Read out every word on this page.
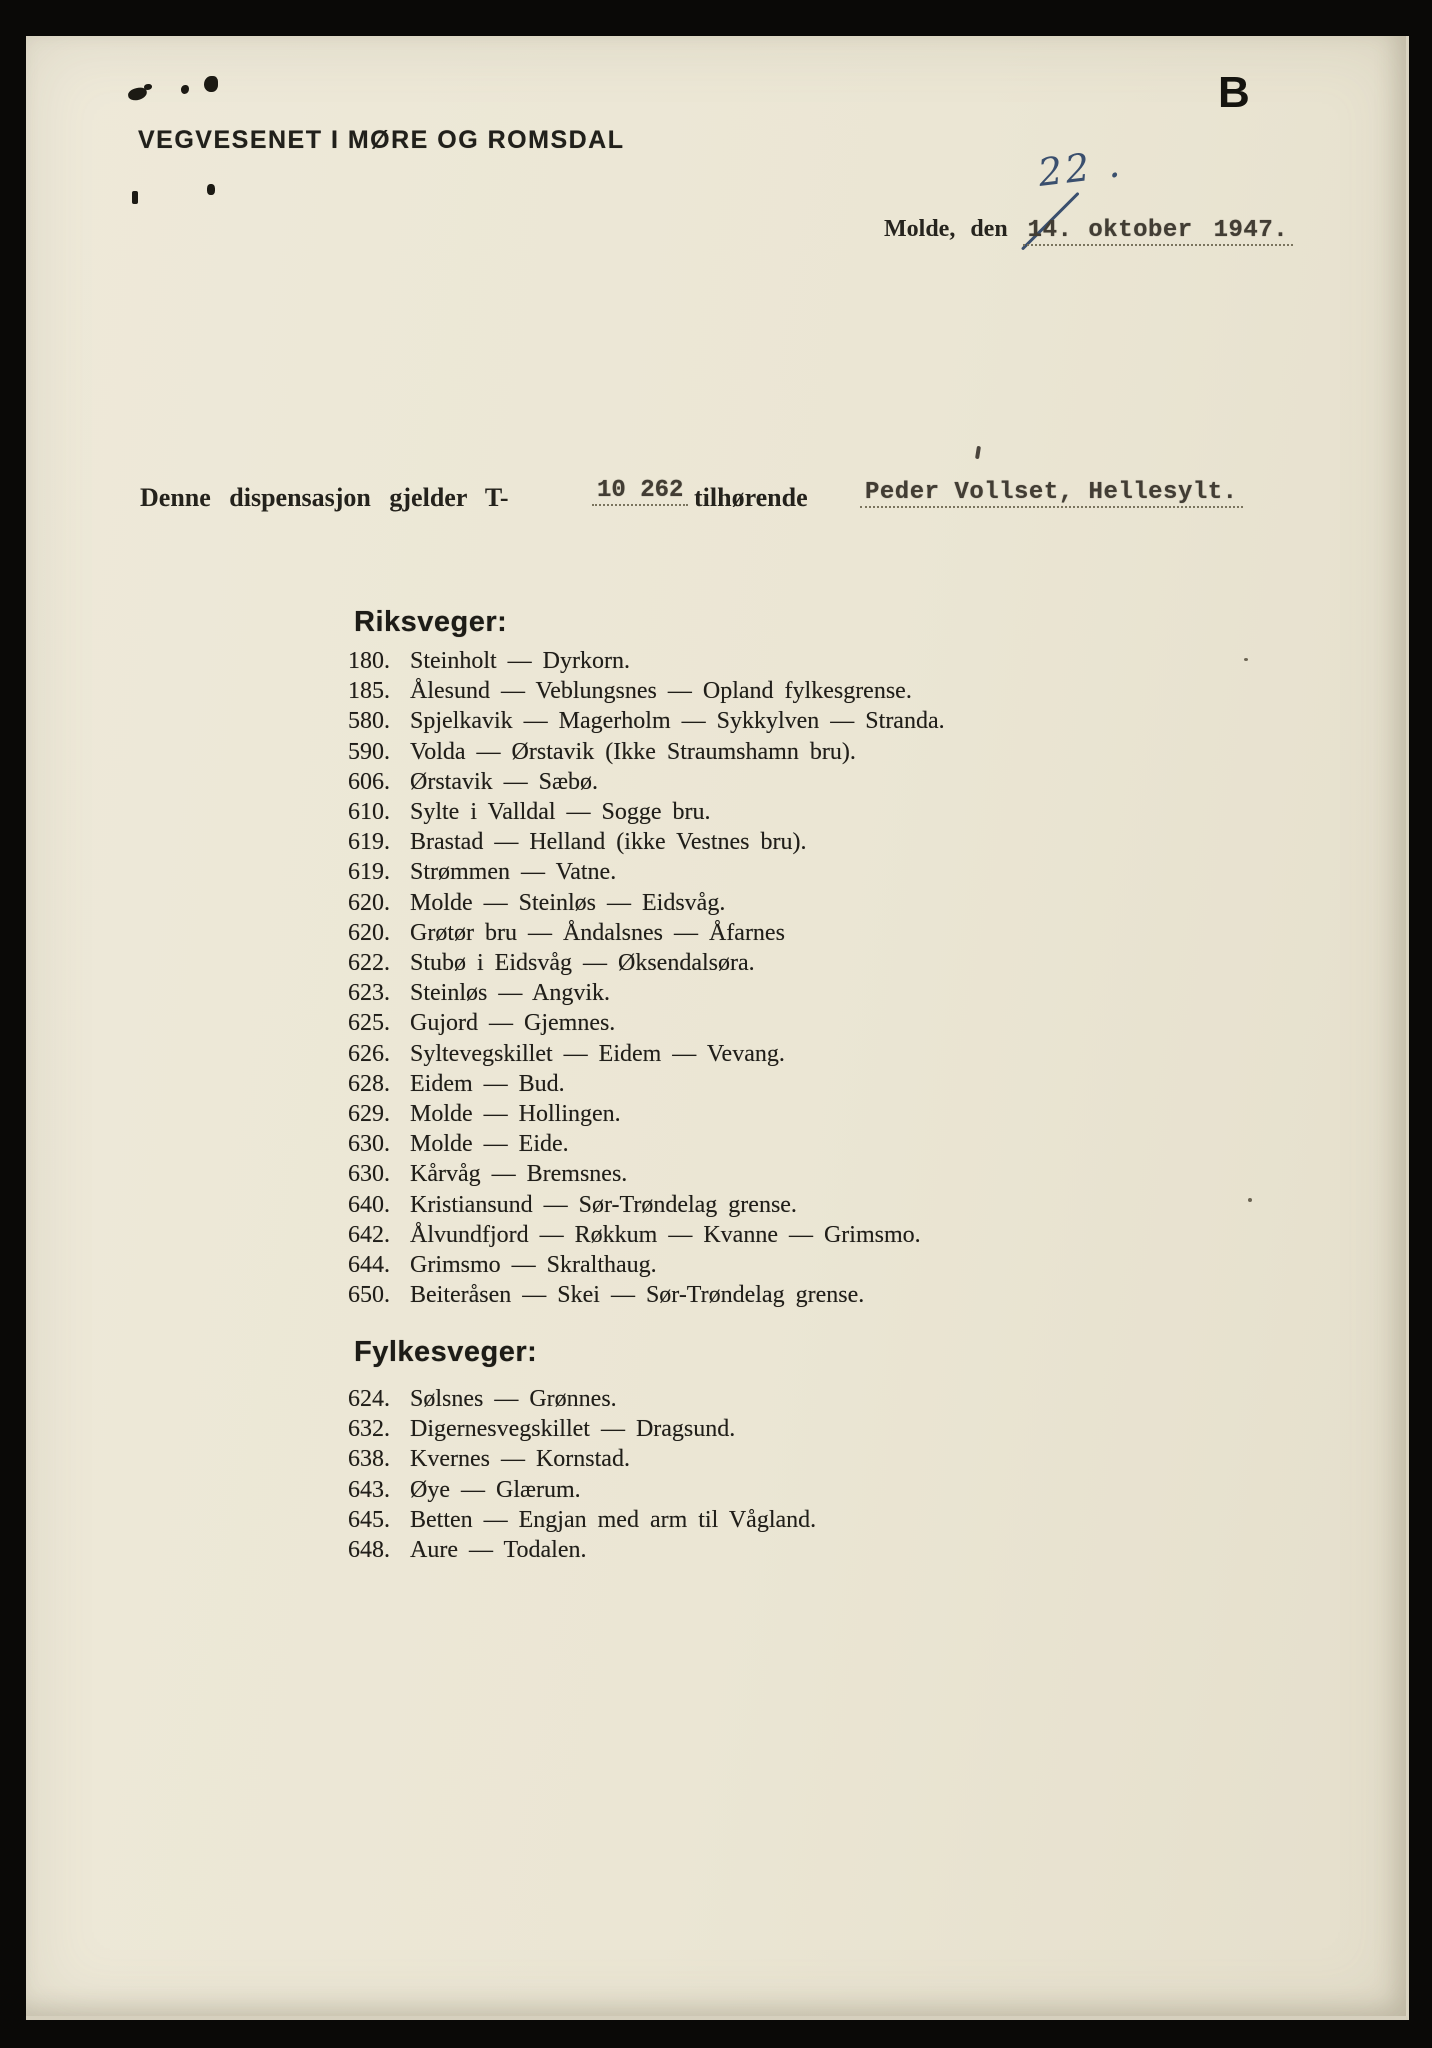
B
VEGVESENET I MØRE OG ROMSDAL
22 .
Molde, den 14. oktober 1947.
Denne dispensasjon gjelder T-	10 262 tilhørende Peder Vollset, Hellesylt.
Riksveger:
180. Steinholt — Dyrkorn.
185. Ålesund — Veblungsnes — Opland fylkesgrense.
580. Spjelkavik — Magerholm — Sykkylven — Stranda.
590. Volda — Ørstavik (Ikke Straumshamn bru).
606. Ørstavik — Sæbø.
610. Sylte i Valldal — Sogge bru.
619. Brastad — Helland (ikke Vestnes bru).
619. Strømmen — Vatne.
620. Molde — Steinløs — Eidsvåg.
620. Grøtør bru — Åndalsnes — Åfarnes
622. Stubø i Eidsvåg — Øksendalsøra.
623. Steinløs — Angvik.
625. Gujord — Gjemnes.
626. Syltevegskillet — Eidem — Vevang.
628. Eidem — Bud.
629. Molde — Hollingen.
630. Molde — Eide.
630. Kårvåg — Bremsnes.
640. Kristiansund — Sør-Trøndelag grense.
642. Ålvundfjord — Røkkum — Kvanne — Grimsmo.
644. Grimsmo — Skralthaug.
650. Beiteråsen — Skei — Sør-Trøndelag grense.
Fylkesveger:
624. Sølsnes — Grønnes.
632. Digernesvegskillet — Dragsund.
638. Kvernes — Kornstad.
643. Øye — Glærum.
645. Betten — Engjan med arm til Vågland.
648. Aure — Todalen.
